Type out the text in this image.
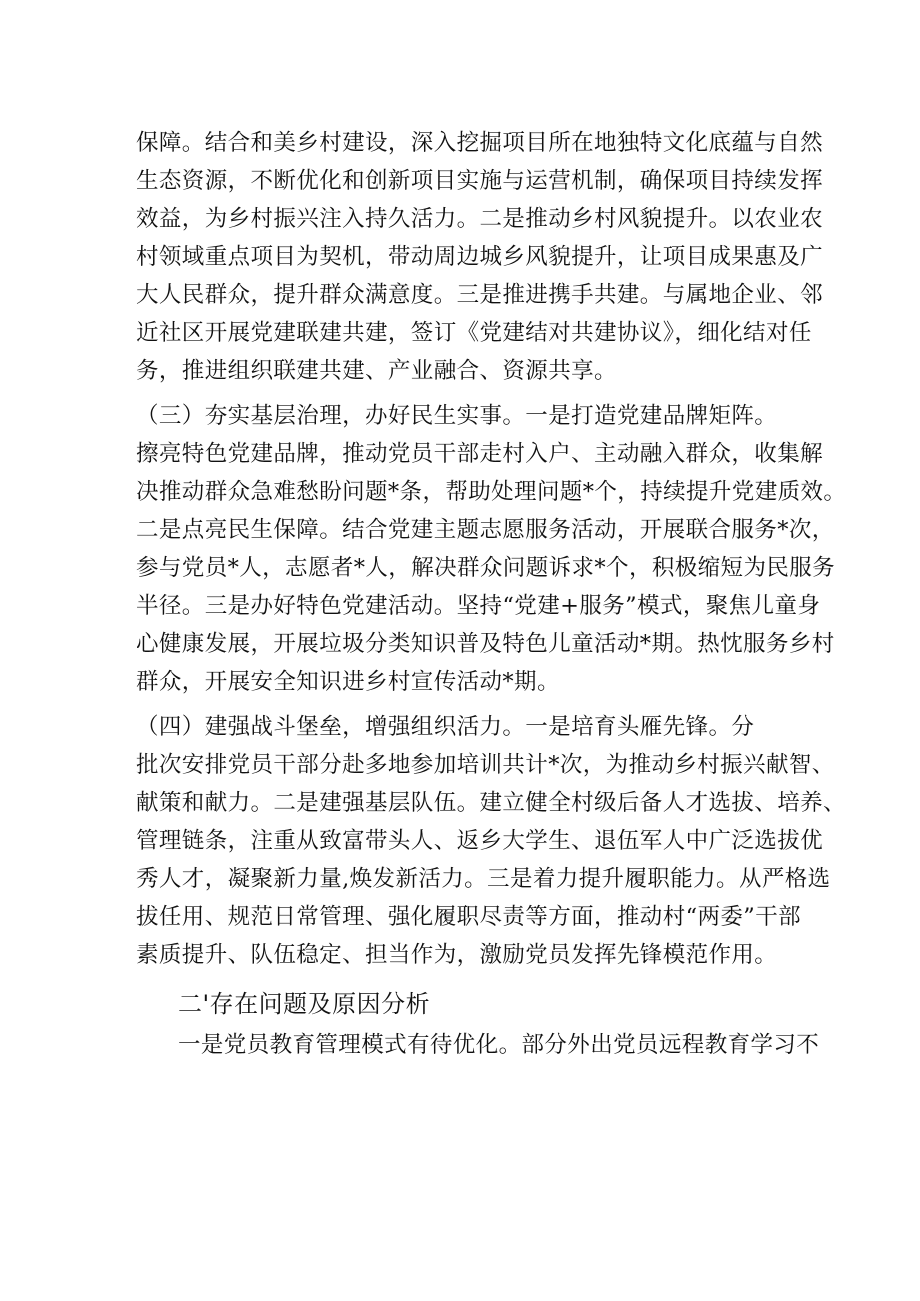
保障。结合和美乡村建设，深入挖掘项目所在地独特文化底蕴与自然
生态资源，不断优化和创新项目实施与运营机制，确保项目持续发挥
效益，为乡村振兴注入持久活力。二是推动乡村风貌提升。以农业农
村领域重点项目为契机，带动周边城乡风貌提升，让项目成果惠及广
大人民群众，提升群众满意度。三是推进携手共建。与属地企业、邻
近社区开展党建联建共建，签订《党建结对共建协议》，细化结对任
务，推进组织联建共建、产业融合、资源共享。
（三）夯实基层治理，办好民生实事。一是打造党建品牌矩阵。
擦亮特色党建品牌，推动党员干部走村入户、主动融入群众，收集解
决推动群众急难愁盼问题*条，帮助处理问题*个，持续提升党建质效。
二是点亮民生保障。结合党建主题志愿服务活动，开展联合服务*次，
参与党员*人，志愿者*人，解决群众问题诉求*个，积极缩短为民服务
半径。三是办好特色党建活动。坚持“党建+服务”模式，聚焦儿童身
心健康发展，开展垃圾分类知识普及特色儿童活动*期。热忱服务乡村
群众，开展安全知识进乡村宣传活动*期。
（四）建强战斗堡垒，增强组织活力。一是培育头雁先锋。分
批次安排党员干部分赴多地参加培训共计*次，为推动乡村振兴献智、
献策和献力。二是建强基层队伍。建立健全村级后备人才选拔、培养、
管理链条，注重从致富带头人、返乡大学生、退伍军人中广泛选拔优
秀人才，凝聚新力量,焕发新活力。三是着力提升履职能力。从严格选
拔任用、规范日常管理、强化履职尽责等方面，推动村“两委”干部
素质提升、队伍稳定、担当作为，激励党员发挥先锋模范作用。
二'存在问题及原因分析
一是党员教育管理模式有待优化。部分外出党员远程教育学习不
